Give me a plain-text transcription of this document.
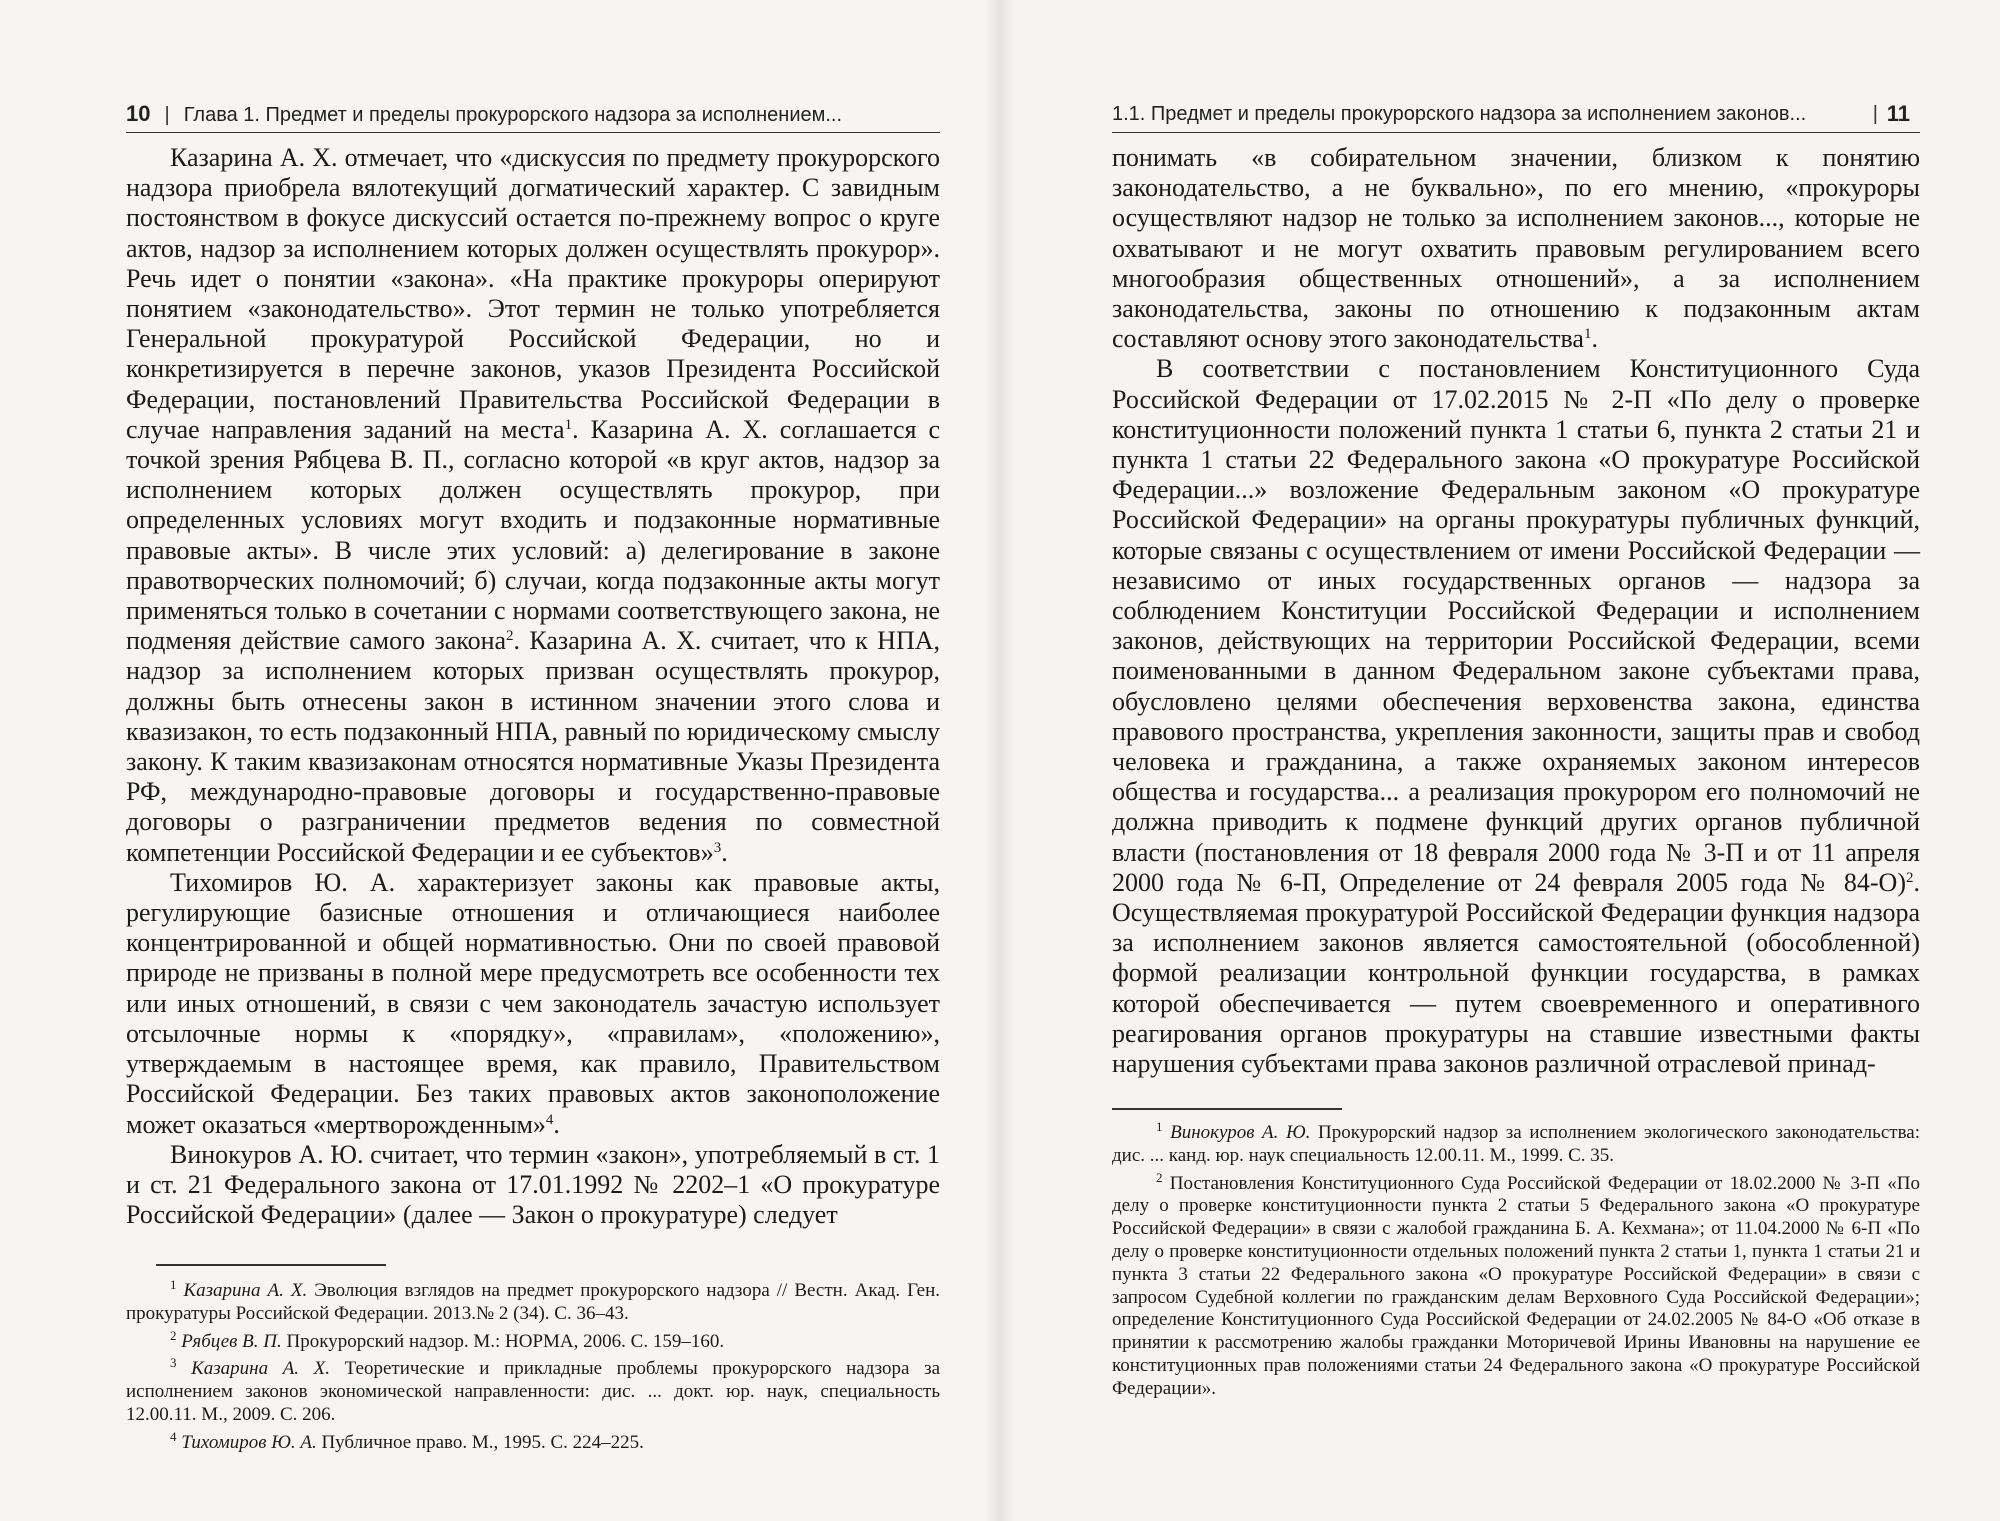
10 | Глава 1. Предмет и пределы прокурорского надзора за исполнением...

Казарина А. Х. отмечает, что «дискуссия по предмету прокурорского надзора приобрела вялотекущий догматический характер. С завидным постоянством в фокусе дискуссий остается по-прежнему вопрос о круге актов, надзор за исполнением которых должен осуществлять прокурор». Речь идет о понятии «закона». «На практике прокуроры оперируют понятием «законодательство». Этот термин не только употребляется Генеральной прокуратурой Российской Федерации, но и конкретизируется в перечне законов, указов Президента Российской Федерации, постановлений Правительства Российской Федерации в случае направления заданий на места$^1$. Казарина А. Х. соглашается с точкой зрения Рябцева В. П., согласно которой «в круг актов, надзор за исполнением которых должен осуществлять прокурор, при определенных условиях могут входить и подзаконные нормативные правовые акты». В числе этих условий: а) делегирование в законе правотворческих полномочий; б) случаи, когда подзаконные акты могут применяться только в сочетании с нормами соответствующего закона, не подменяя действие самого закона$^2$. Казарина А. Х. считает, что к НПА, надзор за исполнением которых призван осуществлять прокурор, должны быть отнесены закон в истинном значении этого слова и квазизакон, то есть подзаконный НПА, равный по юридическому смыслу закону. К таким квазизаконам относятся нормативные Указы Президента РФ, международно-правовые договоры и государственно-правовые договоры о разграничении предметов ведения по совместной компетенции Российской Федерации и ее субъектов»$^3$.

Тихомиров Ю. А. характеризует законы как правовые акты, регулирующие базисные отношения и отличающиеся наиболее концентрированной и общей нормативностью. Они по своей правовой природе не призваны в полной мере предусмотреть все особенности тех или иных отношений, в связи с чем законодатель зачастую использует отсылочные нормы к «порядку», «правилам», «положению», утверждаемым в настоящее время, как правило, Правительством Российской Федерации. Без таких правовых актов законоположение может оказаться «мертворожденным»$^4$.

Винокуров А. Ю. считает, что термин «закон», употребляемый в ст. 1 и ст. 21 Федерального закона от 17.01.1992 № 2202–1 «О прокуратуре Российской Федерации» (далее — Закон о прокуратуре) следует

$^1$ Казарина А. Х. Эволюция взглядов на предмет прокурорского надзора // Вестн. Акад. Ген. прокуратуры Российской Федерации. 2013.№ 2 (34). С. 36–43.

$^2$ Рябцев В. П. Прокурорский надзор. М.: НОРМА, 2006. С. 159–160.

$^3$ Казарина А. Х. Теоретические и прикладные проблемы прокурорского надзора за исполнением законов экономической направленности: дис. ... докт. юр. наук, специальность 12.00.11. М., 2009. С. 206.

$^4$ Тихомиров Ю. А. Публичное право. М., 1995. С. 224–225.

1.1. Предмет и пределы прокурорского надзора за исполнением законов...	| 11

понимать «в собирательном значении, близком к понятию законодательство, а не буквально», по его мнению, «прокуроры осуществляют надзор не только за исполнением законов..., которые не охватывают и не могут охватить правовым регулированием всего многообразия общественных отношений», а за исполнением законодательства, законы по отношению к подзаконным актам составляют основу этого законодательства$^1$.

В соответствии с постановлением Конституционного Суда Российской Федерации от 17.02.2015 № 2-П «По делу о проверке конституционности положений пункта 1 статьи 6, пункта 2 статьи 21 и пункта 1 статьи 22 Федерального закона «О прокуратуре Российской Федерации...» возложение Федеральным законом «О прокуратуре Российской Федерации» на органы прокуратуры публичных функций, которые связаны с осуществлением от имени Российской Федерации — независимо от иных государственных органов — надзора за соблюдением Конституции Российской Федерации и исполнением законов, действующих на территории Российской Федерации, всеми поименованными в данном Федеральном законе субъектами права, обусловлено целями обеспечения верховенства закона, единства правового пространства, укрепления законности, защиты прав и свобод человека и гражданина, а также охраняемых законом интересов общества и государства... а реализация прокурором его полномочий не должна приводить к подмене функций других органов публичной власти (постановления от 18 февраля 2000 года № 3-П и от 11 апреля 2000 года № 6-П, Определение от 24 февраля 2005 года № 84-О)$^2$. Осуществляемая прокуратурой Российской Федерации функция надзора за исполнением законов является самостоятельной (обособленной) формой реализации контрольной функции государства, в рамках которой обеспечивается — путем своевременного и оперативного реагирования органов прокуратуры на ставшие известными факты нарушения субъектами права законов различной отраслевой принад-

$^1$ Винокуров А. Ю. Прокурорский надзор за исполнением экологического законодательства: дис. ... канд. юр. наук специальность 12.00.11. М., 1999. С. 35.

$^2$ Постановления Конституционного Суда Российской Федерации от 18.02.2000 № 3-П «По делу о проверке конституционности пункта 2 статьи 5 Федерального закона «О прокуратуре Российской Федерации» в связи с жалобой гражданина Б. А. Кехмана»; от 11.04.2000 № 6-П «По делу о проверке конституционности отдельных положений пункта 2 статьи 1, пункта 1 статьи 21 и пункта 3 статьи 22 Федерального закона «О прокуратуре Российской Федерации» в связи с запросом Судебной коллегии по гражданским делам Верховного Суда Российской Федерации»; определение Конституционного Суда Российской Федерации от 24.02.2005 № 84-О «Об отказе в принятии к рассмотрению жалобы гражданки Моторичевой Ирины Ивановны на нарушение ее конституционных прав положениями статьи 24 Федерального закона «О прокуратуре Российской Федерации».
